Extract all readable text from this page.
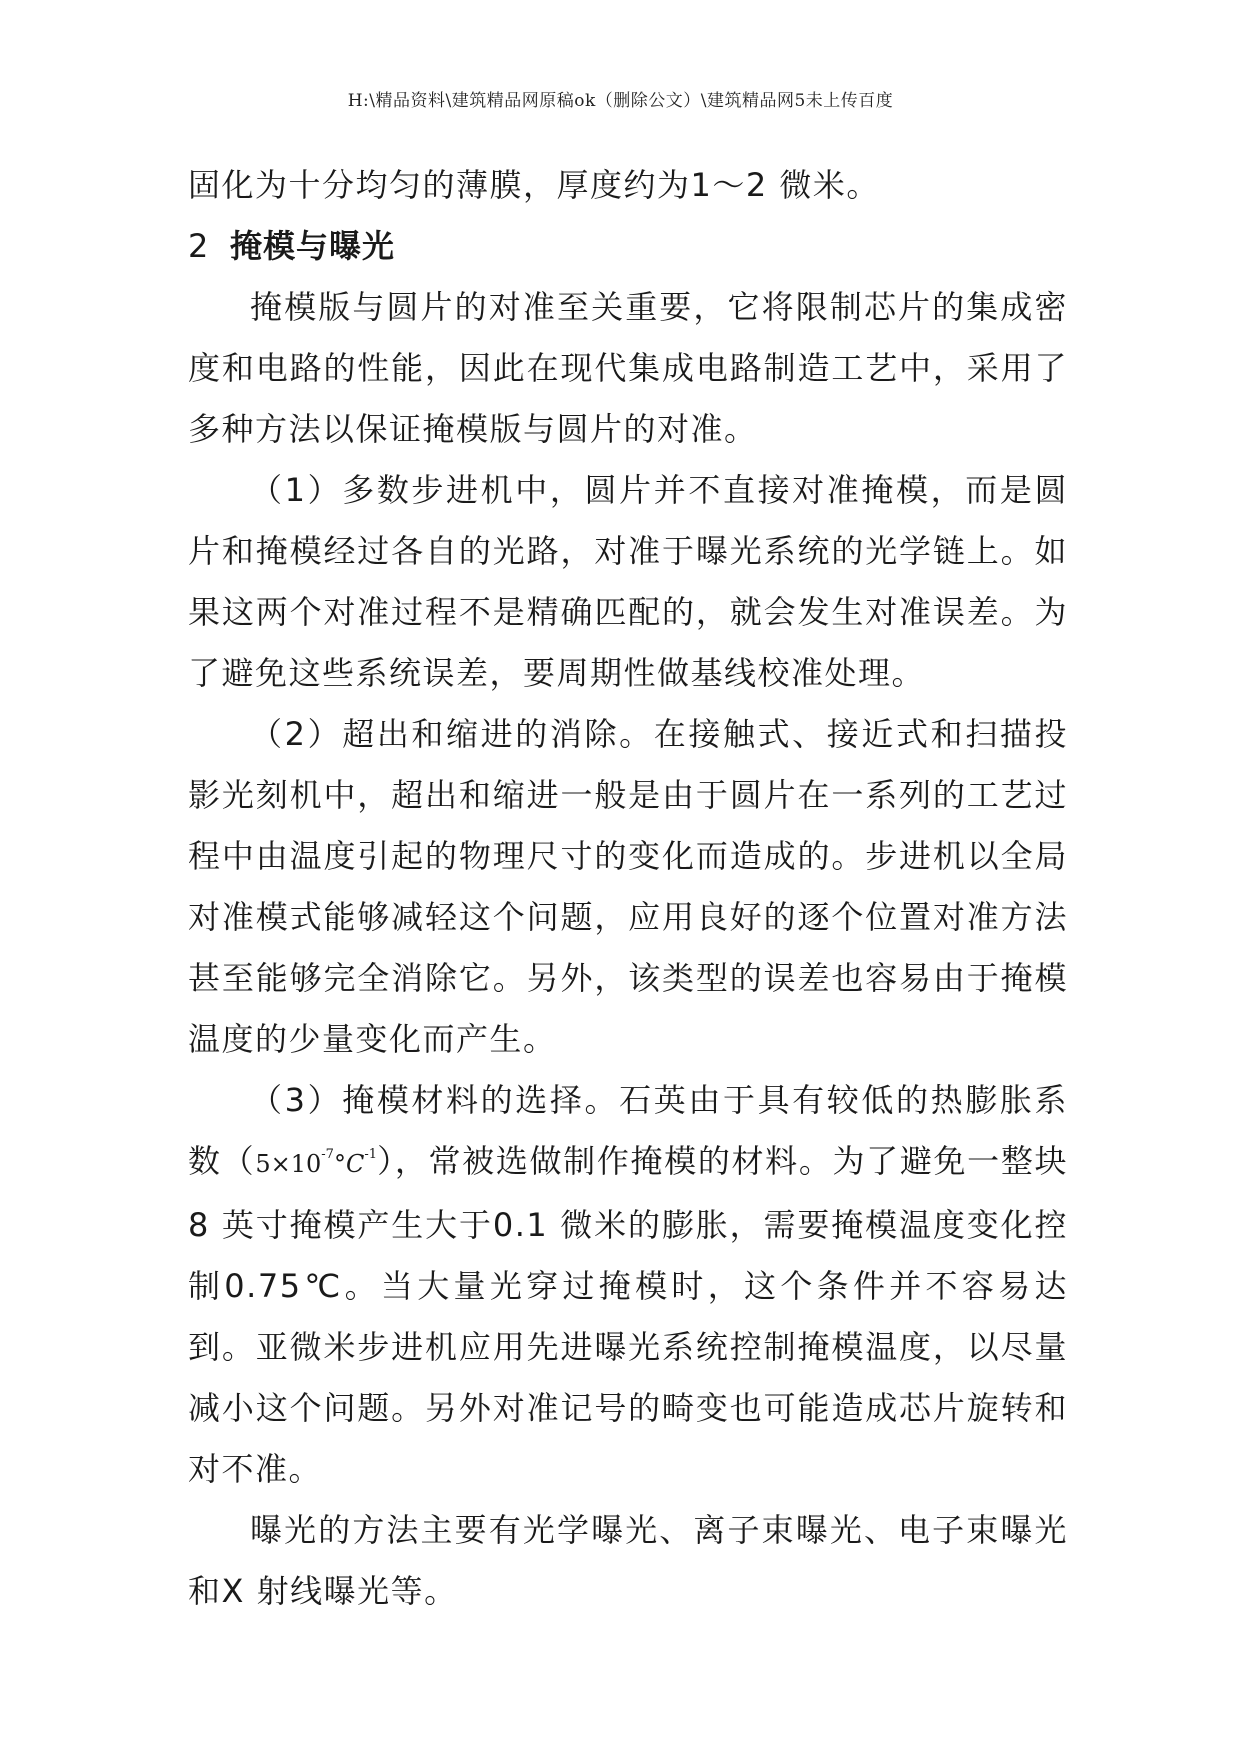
H:\精品资料\建筑精品网原稿ok（删除公文）\建筑精品网5未上传百度

固化为十分均匀的薄膜，厚度约为1～2 微米。

2 掩模与曝光

掩模版与圆片的对准至关重要，它将限制芯片的集成密度和电路的性能，因此在现代集成电路制造工艺中，采用了多种方法以保证掩模版与圆片的对准。

（1）多数步进机中，圆片并不直接对准掩模，而是圆片和掩模经过各自的光路，对准于曝光系统的光学链上。如果这两个对准过程不是精确匹配的，就会发生对准误差。为了避免这些系统误差，要周期性做基线校准处理。

（2）超出和缩进的消除。在接触式、接近式和扫描投影光刻机中，超出和缩进一般是由于圆片在一系列的工艺过程中由温度引起的物理尺寸的变化而造成的。步进机以全局对准模式能够减轻这个问题，应用良好的逐个位置对准方法甚至能够完全消除它。另外，该类型的误差也容易由于掩模温度的少量变化而产生。

（3）掩模材料的选择。石英由于具有较低的热膨胀系数$(5\times 10^{-7}^\circ C^{-1})$，常被选做制作掩模的材料。为了避免一整块8 英寸掩模产生大于0.1 微米的膨胀，需要掩模温度变化控制0.75℃。当大量光穿过掩模时，这个条件并不容易达到。亚微米步进机应用先进曝光系统控制掩模温度，以尽量减小这个问题。另外对准记号的畸变也可能造成芯片旋转和对不准。

曝光的方法主要有光学曝光、离子束曝光、电子束曝光和X 射线曝光等。
